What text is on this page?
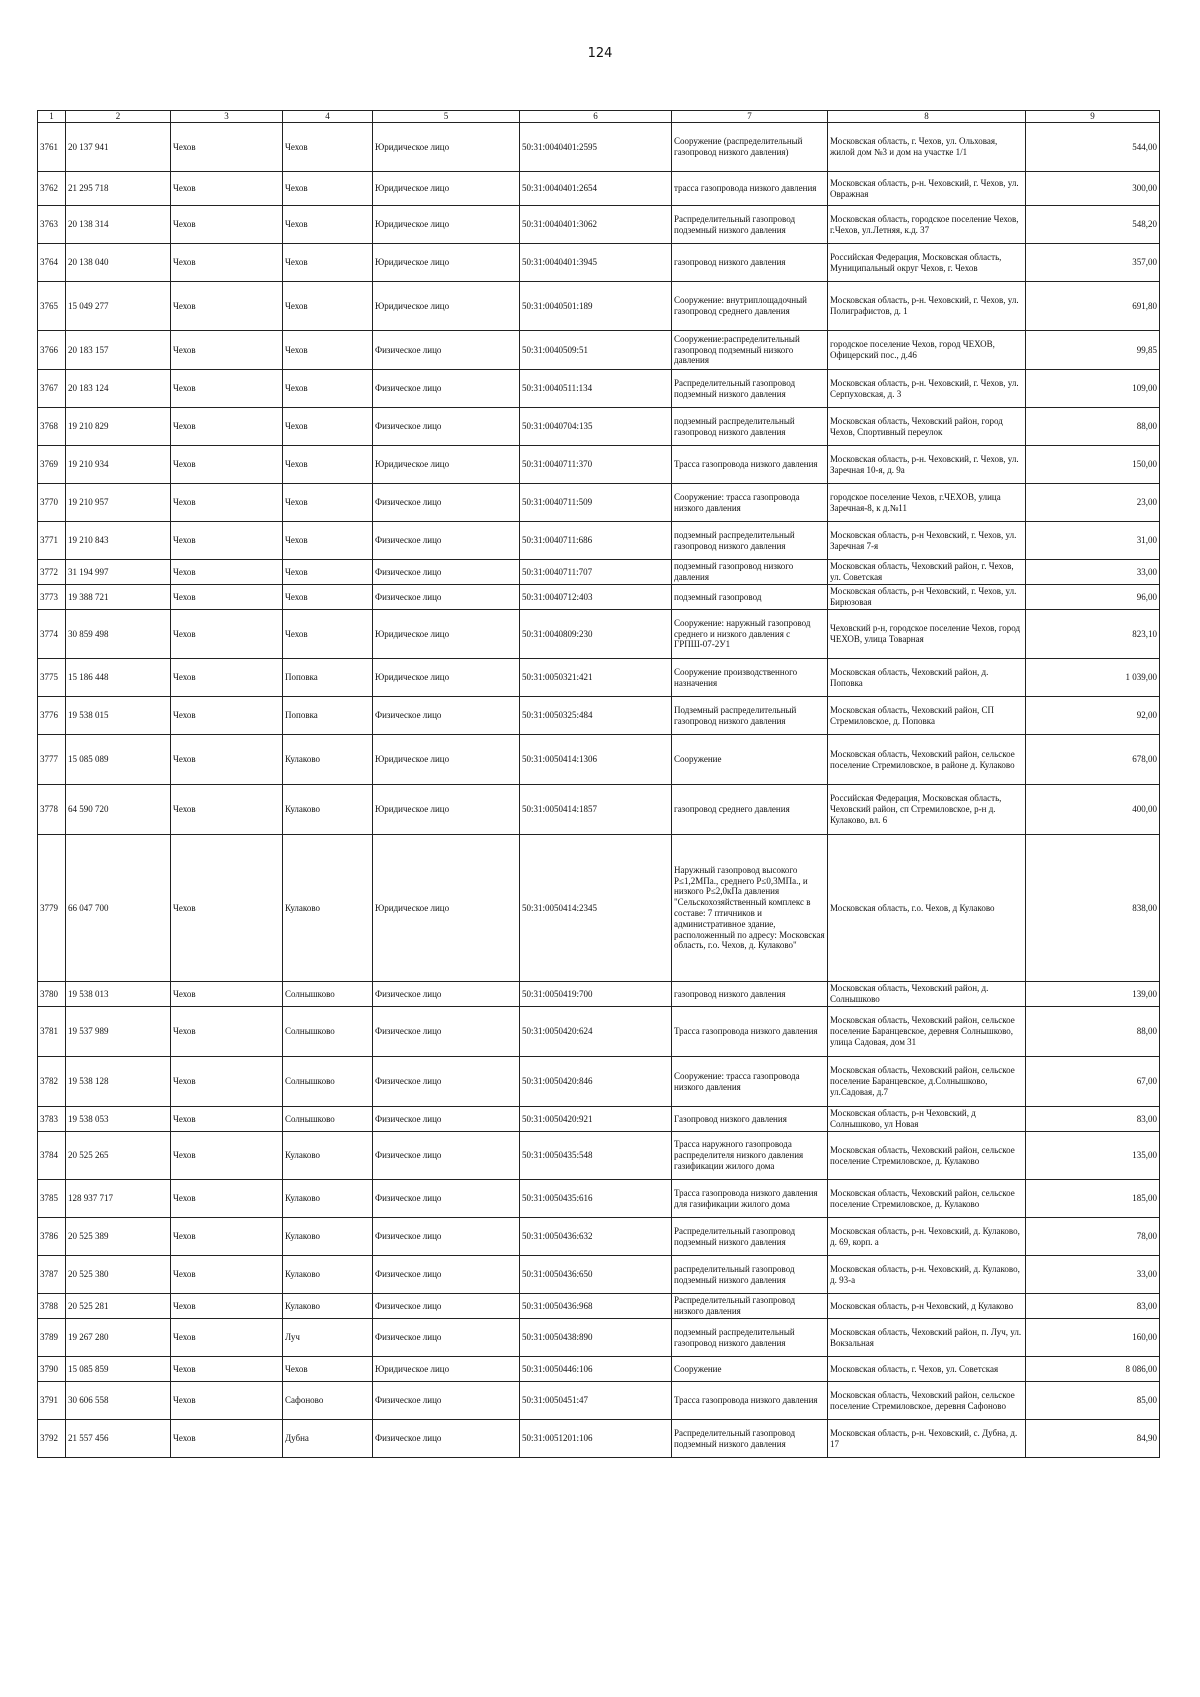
124
1	2	3	4	5	6	7	8	9
3761	20 137 941	Чехов	Чехов	Юридическое лицо	50:31:0040401:2595	Сооружение (распределительный газопровод низкого давления)	Московская область, г. Чехов, ул. Ольховая, жилой дом №3 и дом на участке 1/1	544,00
3762	21 295 718	Чехов	Чехов	Юридическое лицо	50:31:0040401:2654	трасса газопровода низкого давления	Московская область, р-н. Чеховский, г. Чехов, ул. Овражная	300,00
3763	20 138 314	Чехов	Чехов	Юридическое лицо	50:31:0040401:3062	Распределительный газопровод подземный низкого давления	Московская область, городское поселение Чехов, г.Чехов, ул.Летняя, к.д. 37	548,20
3764	20 138 040	Чехов	Чехов	Юридическое лицо	50:31:0040401:3945	газопровод низкого давления	Российская Федерация, Московская область, Муниципальный округ Чехов, г. Чехов	357,00
3765	15 049 277	Чехов	Чехов	Юридическое лицо	50:31:0040501:189	Сооружение: внутриплощадочный газопровод среднего давления	Московская область, р-н. Чеховский, г. Чехов, ул. Полиграфистов, д. 1	691,80
3766	20 183 157	Чехов	Чехов	Физическое лицо	50:31:0040509:51	Сооружение:распределительный газопровод подземный низкого давления	городское поселение Чехов, город ЧЕХОВ, Офицерский пос., д.46	99,85
3767	20 183 124	Чехов	Чехов	Физическое лицо	50:31:0040511:134	Распределительный газопровод подземный низкого давления	Московская область, р-н. Чеховский, г. Чехов, ул. Серпуховская, д. 3	109,00
3768	19 210 829	Чехов	Чехов	Физическое лицо	50:31:0040704:135	подземный распределительный газопровод низкого давления	Московская область, Чеховский район, город Чехов, Спортивный переулок	88,00
3769	19 210 934	Чехов	Чехов	Юридическое лицо	50:31:0040711:370	Трасса газопровода низкого давления	Московская область, р-н. Чеховский, г. Чехов, ул. Заречная 10-я, д. 9а	150,00
3770	19 210 957	Чехов	Чехов	Физическое лицо	50:31:0040711:509	Сооружение: трасса газопровода низкого давления	городское поселение Чехов, г.ЧЕХОВ, улица Заречная-8, к д.№11	23,00
3771	19 210 843	Чехов	Чехов	Физическое лицо	50:31:0040711:686	подземный распределительный газопровод низкого давления	Московская область, р-н Чеховский, г. Чехов, ул. Заречная 7-я	31,00
3772	31 194 997	Чехов	Чехов	Физическое лицо	50:31:0040711:707	подземный газопровод низкого давления	Московская область, Чеховский район, г. Чехов, ул. Советская	33,00
3773	19 388 721	Чехов	Чехов	Физическое лицо	50:31:0040712:403	подземный газопровод	Московская область, р-н Чеховский, г. Чехов, ул. Бирюзовая	96,00
3774	30 859 498	Чехов	Чехов	Юридическое лицо	50:31:0040809:230	Сооружение: наружный газопровод среднего и низкого давления с ГРПШ-07-2У1	Чеховский р-н, городское поселение Чехов, город ЧЕХОВ, улица Товарная	823,10
3775	15 186 448	Чехов	Поповка	Юридическое лицо	50:31:0050321:421	Сооружение производственного назначения	Московская область, Чеховский район, д. Поповка	1 039,00
3776	19 538 015	Чехов	Поповка	Физическое лицо	50:31:0050325:484	Подземный распределительный газопровод низкого давления	Московская область, Чеховский район, СП Стремиловское, д. Поповка	92,00
3777	15 085 089	Чехов	Кулаково	Юридическое лицо	50:31:0050414:1306	Сооружение	Московская область, Чеховский район, сельское поселение Стремиловское, в районе д. Кулаково	678,00
3778	64 590 720	Чехов	Кулаково	Юридическое лицо	50:31:0050414:1857	газопровод среднего давления	Российская Федерация, Московская область, Чеховский район, сп Стремиловское, р-н д. Кулаково, вл. 6	400,00
3779	66 047 700	Чехов	Кулаково	Юридическое лицо	50:31:0050414:2345	Наружный газопровод высокого Р≤1,2МПа., среднего Р≤0,3МПа., и низкого Р≤2,0кПа давления "Сельскохозяйственный комплекс в составе: 7 птичников и административное здание, расположенный по адресу: Московская область, г.о. Чехов, д. Кулаково"	Московская область, г.о. Чехов, д Кулаково	838,00
3780	19 538 013	Чехов	Солнышково	Физическое лицо	50:31:0050419:700	газопровод низкого давления	Московская область, Чеховский район, д. Солнышково	139,00
3781	19 537 989	Чехов	Солнышково	Физическое лицо	50:31:0050420:624	Трасса газопровода низкого давления	Московская область, Чеховский район, сельское поселение Баранцевское, деревня Солнышково, улица Садовая, дом 31	88,00
3782	19 538 128	Чехов	Солнышково	Физическое лицо	50:31:0050420:846	Сооружение: трасса газопровода низкого давления	Московская область, Чеховский район, сельское поселение Баранцевское, д.Солнышково, ул.Садовая, д.7	67,00
3783	19 538 053	Чехов	Солнышково	Физическое лицо	50:31:0050420:921	Газопровод низкого давления	Московская область, р-н Чеховский, д Солнышково, ул Новая	83,00
3784	20 525 265	Чехов	Кулаково	Физическое лицо	50:31:0050435:548	Трасса наружного газопровода распределителя низкого давления газификации жилого дома	Московская область, Чеховский район, сельское поселение Стремиловское, д. Кулаково	135,00
3785	128 937 717	Чехов	Кулаково	Физическое лицо	50:31:0050435:616	Трасса газопровода низкого давления для газификации жилого дома	Московская область, Чеховский район, сельское поселение Стремиловское, д. Кулаково	185,00
3786	20 525 389	Чехов	Кулаково	Физическое лицо	50:31:0050436:632	Распределительный газопровод подземный низкого давления	Московская область, р-н. Чеховский, д. Кулаково, д. 69, корп. а	78,00
3787	20 525 380	Чехов	Кулаково	Физическое лицо	50:31:0050436:650	распределительный газопровод подземный низкого давления	Московская область, р-н. Чеховский, д. Кулаково, д. 93-а	33,00
3788	20 525 281	Чехов	Кулаково	Физическое лицо	50:31:0050436:968	Распределительный газопровод низкого давления	Московская область, р-н Чеховский, д Кулаково	83,00
3789	19 267 280	Чехов	Луч	Физическое лицо	50:31:0050438:890	подземный распределительный газопровод низкого давления	Московская область, Чеховский район, п. Луч, ул. Вокзальная	160,00
3790	15 085 859	Чехов	Чехов	Юридическое лицо	50:31:0050446:106	Сооружение	Московская область, г. Чехов, ул. Советская	8 086,00
3791	30 606 558	Чехов	Сафоново	Физическое лицо	50:31:0050451:47	Трасса газопровода низкого давления	Московская область, Чеховский район, сельское поселение Стремиловское, деревня Сафоново	85,00
3792	21 557 456	Чехов	Дубна	Физическое лицо	50:31:0051201:106	Распределительный газопровод подземный низкого давления	Московская область, р-н. Чеховский, с. Дубна, д. 17	84,90
